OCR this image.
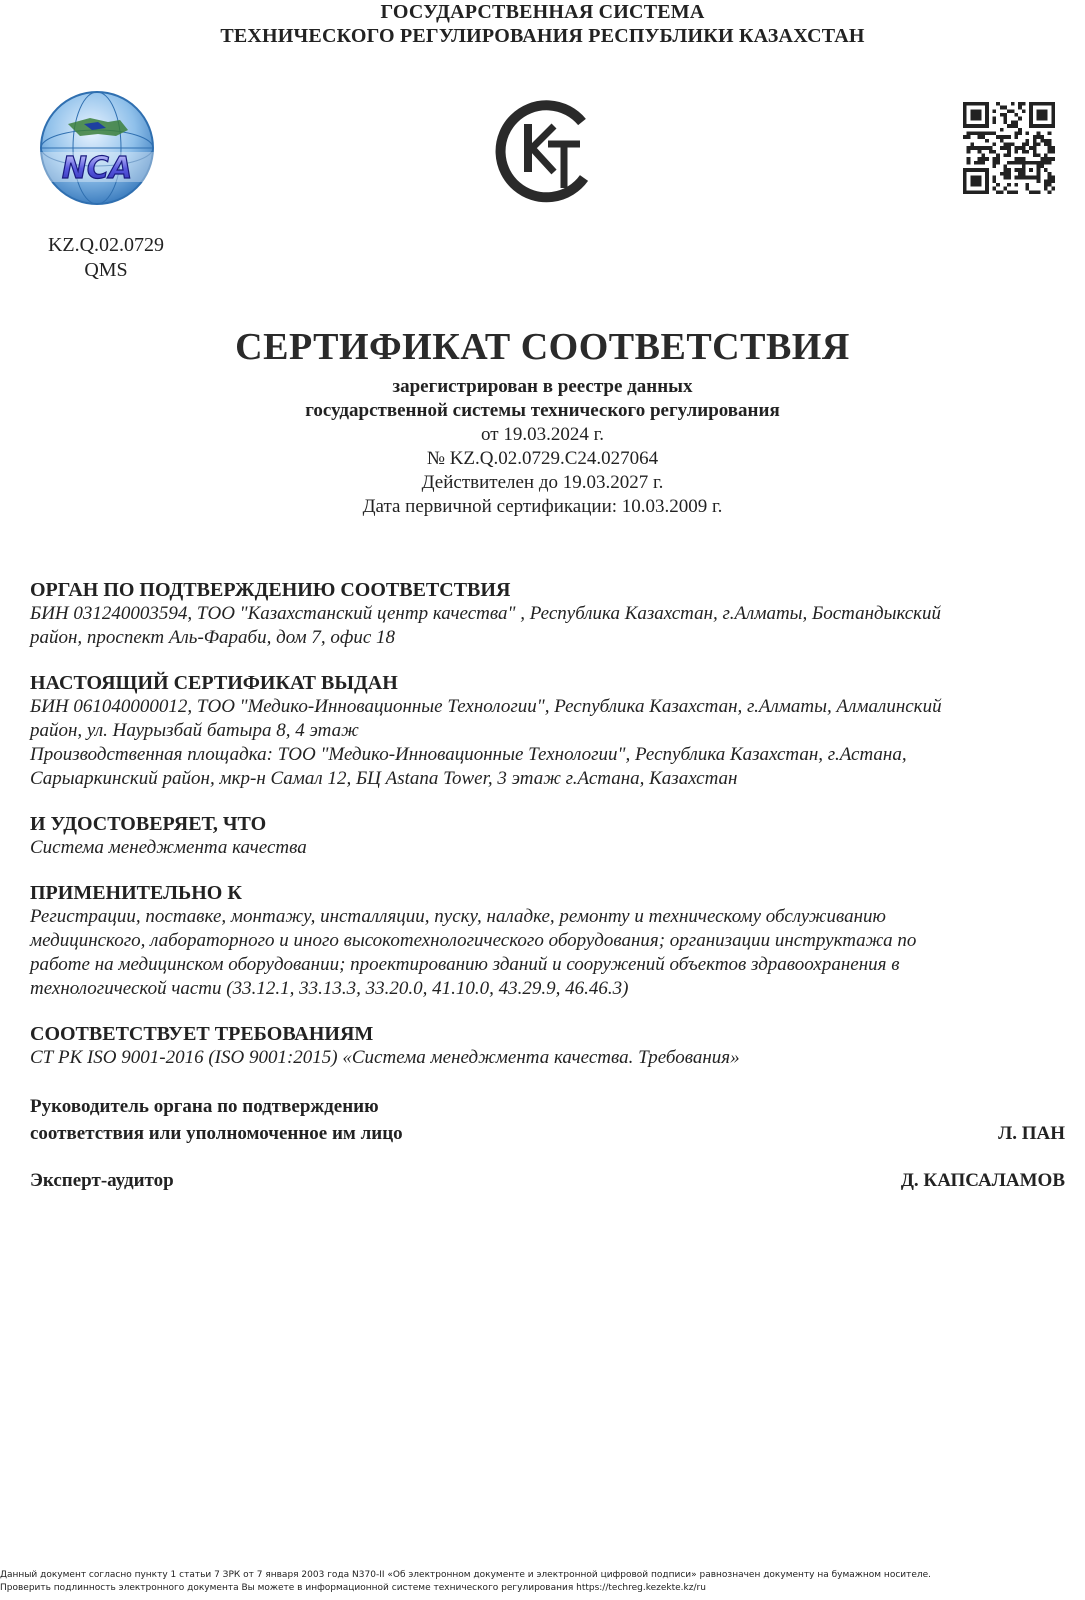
ГОСУДАРСТВЕННАЯ СИСТЕМА
ТЕХНИЧЕСКОГО РЕГУЛИРОВАНИЯ РЕСПУБЛИКИ КАЗАХСТАН
NCA
KZ.Q.02.0729
QMS
СЕРТИФИКАТ СООТВЕТСТВИЯ
зарегистрирован в реестре данных
государственной системы технического регулирования
от 19.03.2024 г.
№ KZ.Q.02.0729.C24.027064
Действителен до 19.03.2027 г.
Дата первичной сертификации: 10.03.2009 г.
ОРГАН ПО ПОДТВЕРЖДЕНИЮ СООТВЕТСТВИЯ
БИН 031240003594, ТОО "Казахстанский центр качества" , Республика Казахстан, г.Алматы, Бостандыкский
район, проспект Аль-Фараби, дом 7, офис 18
НАСТОЯЩИЙ СЕРТИФИКАТ ВЫДАН
БИН 061040000012, ТОО "Медико-Инновационные Технологии", Республика Казахстан, г.Алматы, Алмалинский
район, ул. Наурызбай батыра 8, 4 этаж
Производственная площадка: ТОО "Медико-Инновационные Технологии", Республика Казахстан, г.Астана,
Сарыаркинский район, мкр-н Самал 12, БЦ Astana Tower, 3 этаж г.Астана, Казахстан
И УДОСТОВЕРЯЕТ, ЧТО
Система менеджмента качества
ПРИМЕНИТЕЛЬНО К
Регистрации, поставке, монтажу, инсталляции, пуску, наладке, ремонту и техническому обслуживанию
медицинского, лабораторного и иного высокотехнологического оборудования; организации инструктажа по
работе на медицинском оборудовании; проектированию зданий и сооружений объектов здравоохранения в
технологической части (33.12.1, 33.13.3, 33.20.0, 41.10.0, 43.29.9, 46.46.3)
СООТВЕТСТВУЕТ ТРЕБОВАНИЯМ
СТ РК ISO 9001-2016 (ISO 9001:2015) «Система менеджмента качества. Требования»
Руководитель органа по подтверждению
соответствия или уполномоченное им лицо	Л. ПАН
Эксперт-аудитор	Д. КАПСАЛАМОВ
Данный документ согласно пункту 1 статьи 7 ЗРК от 7 января 2003 года N370-II «Об электронном документе и электронной цифровой подписи» равнозначен документу на бумажном носителе.
Проверить подлинность электронного документа Вы можете в информационной системе технического регулирования https://techreg.kezekte.kz/ru
